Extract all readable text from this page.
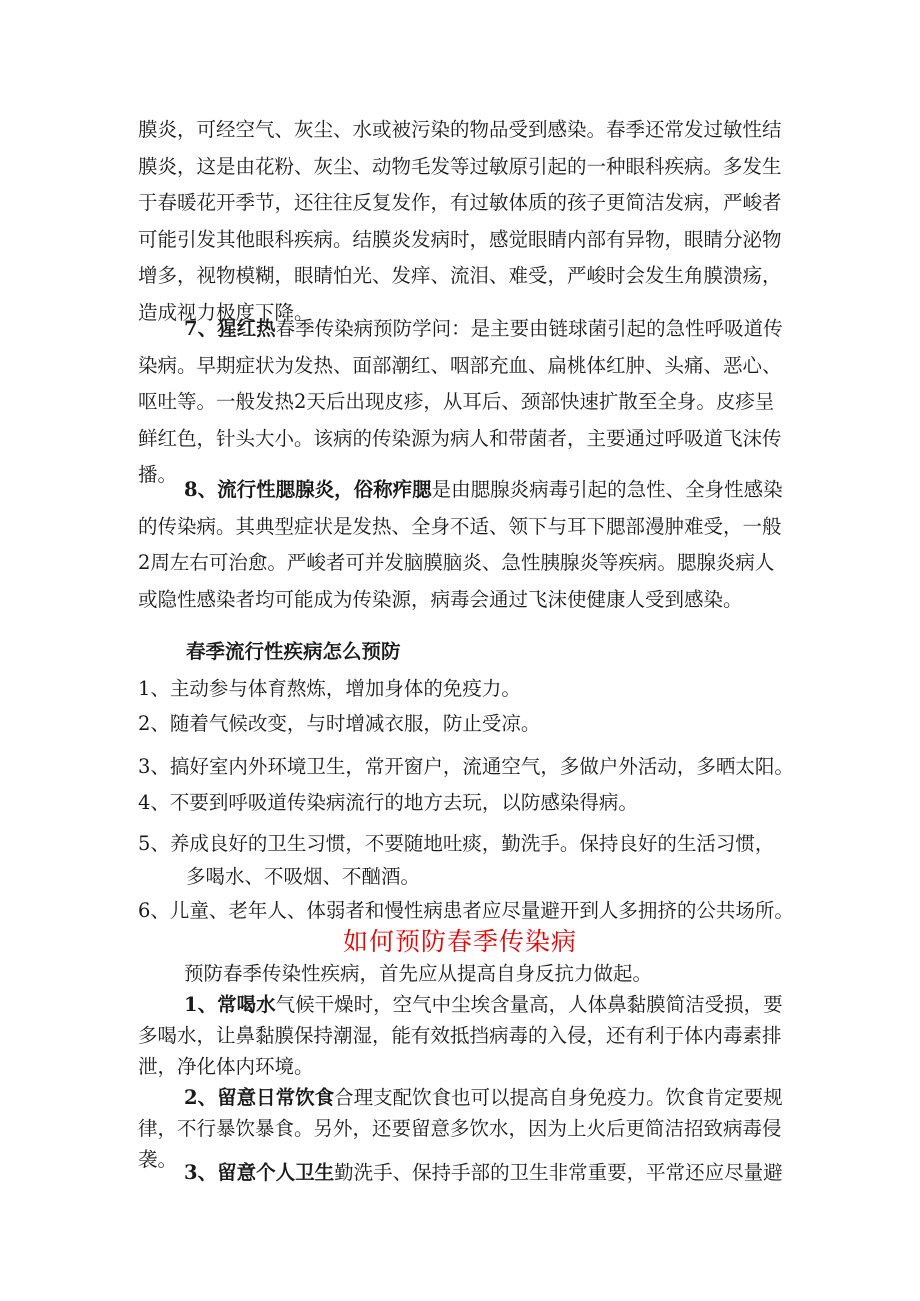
膜炎，可经空气、灰尘、水或被污染的物品受到感染。春季还常发过敏性结膜炎，这是由花粉、灰尘、动物毛发等过敏原引起的一种眼科疾病。多发生于春暖花开季节，还往往反复发作，有过敏体质的孩子更简洁发病，严峻者可能引发其他眼科疾病。结膜炎发病时，感觉眼睛内部有异物，眼睛分泌物增多，视物模糊，眼睛怕光、发痒、流泪、难受，严峻时会发生角膜溃疡，造成视力极度下降。

7、猩红热春季传染病预防学问：是主要由链球菌引起的急性呼吸道传染病。早期症状为发热、面部潮红、咽部充血、扁桃体红肿、头痛、恶心、呕吐等。一般发热2天后出现皮疹，从耳后、颈部快速扩散至全身。皮疹呈鲜红色，针头大小。该病的传染源为病人和带菌者，主要通过呼吸道飞沫传播。

8、流行性腮腺炎，俗称痄腮是由腮腺炎病毒引起的急性、全身性感染的传染病。其典型症状是发热、全身不适、领下与耳下腮部漫肿难受，一般2周左右可治愈。严峻者可并发脑膜脑炎、急性胰腺炎等疾病。腮腺炎病人或隐性感染者均可能成为传染源，病毒会通过飞沫使健康人受到感染。

春季流行性疾病怎么预防

1、主动参与体育熬炼，增加身体的免疫力。

2、随着气候改变，与时增减衣服，防止受凉。

3、搞好室内外环境卫生，常开窗户，流通空气，多做户外活动，多晒太阳。

4、不要到呼吸道传染病流行的地方去玩，以防感染得病。

5、养成良好的卫生习惯，不要随地吐痰，勤洗手。保持良好的生活习惯，

多喝水、不吸烟、不酗酒。

6、儿童、老年人、体弱者和慢性病患者应尽量避开到人多拥挤的公共场所。

如何预防春季传染病

预防春季传染性疾病，首先应从提高自身反抗力做起。

1、常喝水气候干燥时，空气中尘埃含量高，人体鼻黏膜简洁受损，要多喝水，让鼻黏膜保持潮湿，能有效抵挡病毒的入侵，还有利于体内毒素排泄，净化体内环境。

2、留意日常饮食合理支配饮食也可以提高自身免疫力。饮食肯定要规律，不行暴饮暴食。另外，还要留意多饮水，因为上火后更简洁招致病毒侵袭。

3、留意个人卫生勤洗手、保持手部的卫生非常重要，平常还应尽量避
